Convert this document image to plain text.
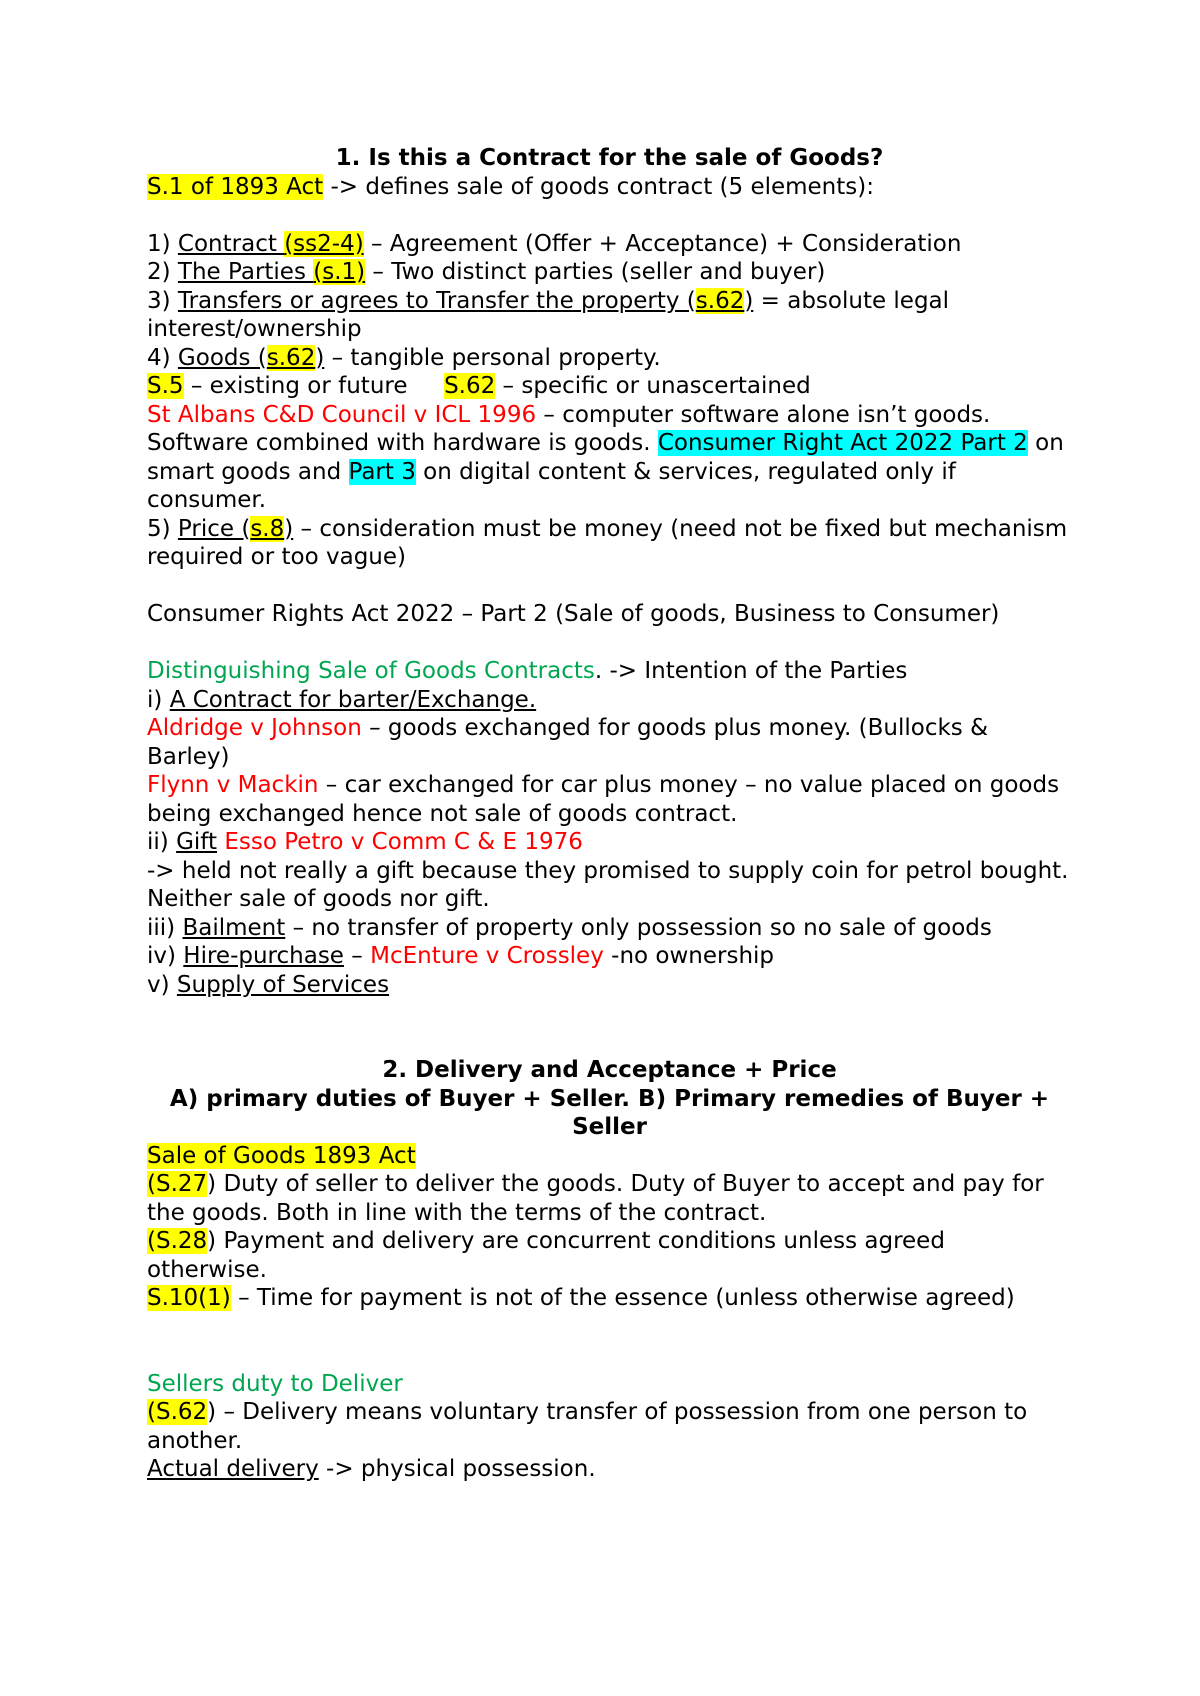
1. Is this a Contract for the sale of Goods?

S.1 of 1893 Act -> defines sale of goods contract (5 elements):

1) Contract (ss2-4) – Agreement (Offer + Acceptance) + Consideration

2) The Parties (s.1) – Two distinct parties (seller and buyer)

3) Transfers or agrees to Transfer the property (s.62) = absolute legal interest/ownership

4) Goods (s.62) – tangible personal property.

S.5 – existing or future     S.62 – specific or unascertained

St Albans C&D Council v ICL 1996 – computer software alone isn’t goods. Software combined with hardware is goods. Consumer Right Act 2022 Part 2 on smart goods and Part 3 on digital content & services, regulated only if consumer.

5) Price (s.8) – consideration must be money (need not be fixed but mechanism required or too vague)

Consumer Rights Act 2022 – Part 2 (Sale of goods, Business to Consumer)

Distinguishing Sale of Goods Contracts. -> Intention of the Parties

i) A Contract for barter/Exchange.

Aldridge v Johnson – goods exchanged for goods plus money. (Bullocks & Barley)

Flynn v Mackin – car exchanged for car plus money – no value placed on goods being exchanged hence not sale of goods contract.

ii) Gift Esso Petro v Comm C & E 1976

-> held not really a gift because they promised to supply coin for petrol bought. Neither sale of goods nor gift.

iii) Bailment – no transfer of property only possession so no sale of goods

iv) Hire-purchase – McEnture v Crossley -no ownership

v) Supply of Services

2. Delivery and Acceptance + Price

A) primary duties of Buyer + Seller. B) Primary remedies of Buyer + Seller

Sale of Goods 1893 Act

(S.27) Duty of seller to deliver the goods. Duty of Buyer to accept and pay for the goods. Both in line with the terms of the contract.

(S.28) Payment and delivery are concurrent conditions unless agreed otherwise.

S.10(1) – Time for payment is not of the essence (unless otherwise agreed)

Sellers duty to Deliver

(S.62) – Delivery means voluntary transfer of possession from one person to another.

Actual delivery -> physical possession.
